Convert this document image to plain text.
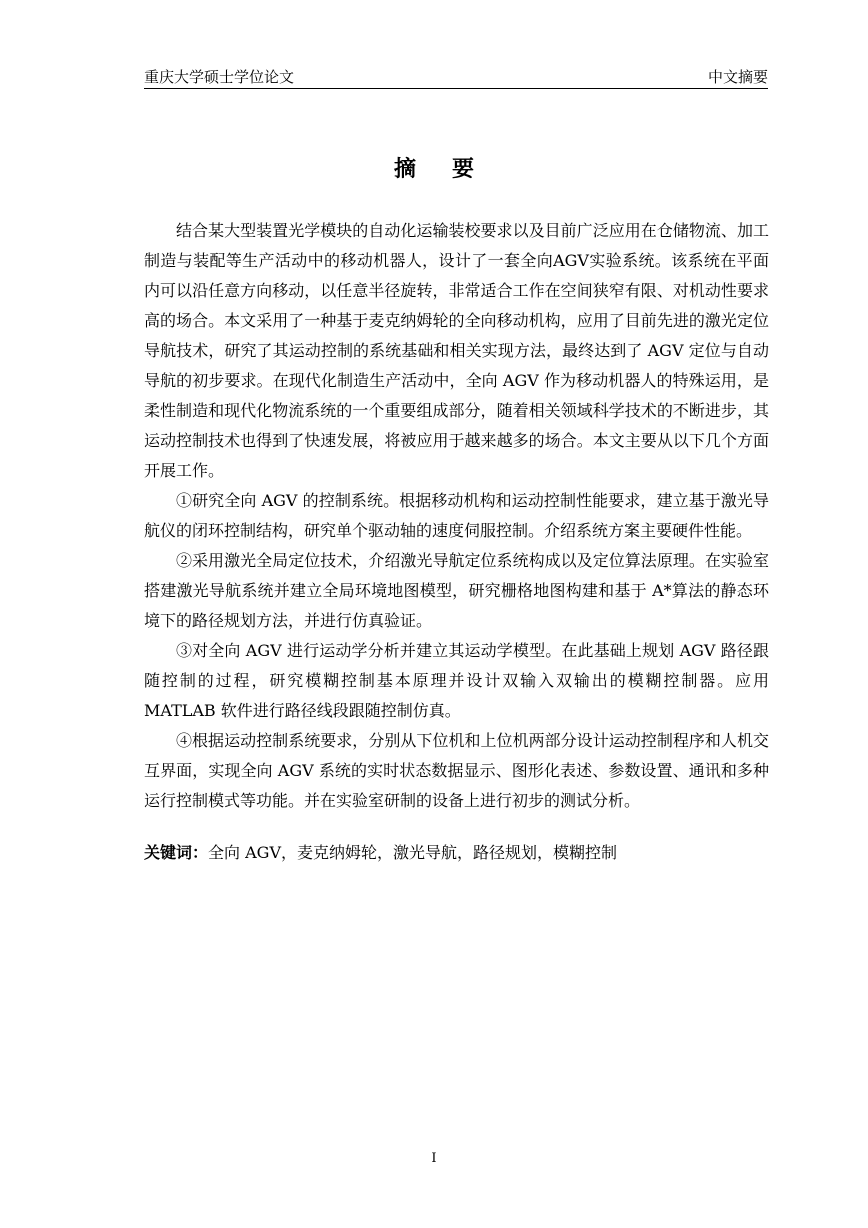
重庆大学硕士学位论文	中文摘要
摘要

结合某大型装置光学模块的自动化运输装校要求以及目前广泛应用在仓储物流、加工制造与装配等生产活动中的移动机器人，设计了一套全向AGV实验系统。该系统在平面内可以沿任意方向移动，以任意半径旋转，非常适合工作在空间狭窄有限、对机动性要求高的场合。本文采用了一种基于麦克纳姆轮的全向移动机构，应用了目前先进的激光定位导航技术，研究了其运动控制的系统基础和相关实现方法，最终达到了 AGV 定位与自动导航的初步要求。在现代化制造生产活动中，全向 AGV 作为移动机器人的特殊运用，是柔性制造和现代化物流系统的一个重要组成部分，随着相关领域科学技术的不断进步，其运动控制技术也得到了快速发展，将被应用于越来越多的场合。本文主要从以下几个方面开展工作。

①研究全向 AGV 的控制系统。根据移动机构和运动控制性能要求，建立基于激光导航仪的闭环控制结构，研究单个驱动轴的速度伺服控制。介绍系统方案主要硬件性能。

②采用激光全局定位技术，介绍激光导航定位系统构成以及定位算法原理。在实验室搭建激光导航系统并建立全局环境地图模型，研究栅格地图构建和基于 A*算法的静态环境下的路径规划方法，并进行仿真验证。

③对全向 AGV 进行运动学分析并建立其运动学模型。在此基础上规划 AGV 路径跟随控制的过程，研究模糊控制基本原理并设计双输入双输出的模糊控制器。应用 MATLAB 软件进行路径线段跟随控制仿真。

④根据运动控制系统要求，分别从下位机和上位机两部分设计运动控制程序和人机交互界面，实现全向 AGV 系统的实时状态数据显示、图形化表述、参数设置、通讯和多种运行控制模式等功能。并在实验室研制的设备上进行初步的测试分析。

关键词：全向 AGV，麦克纳姆轮，激光导航，路径规划，模糊控制

I
